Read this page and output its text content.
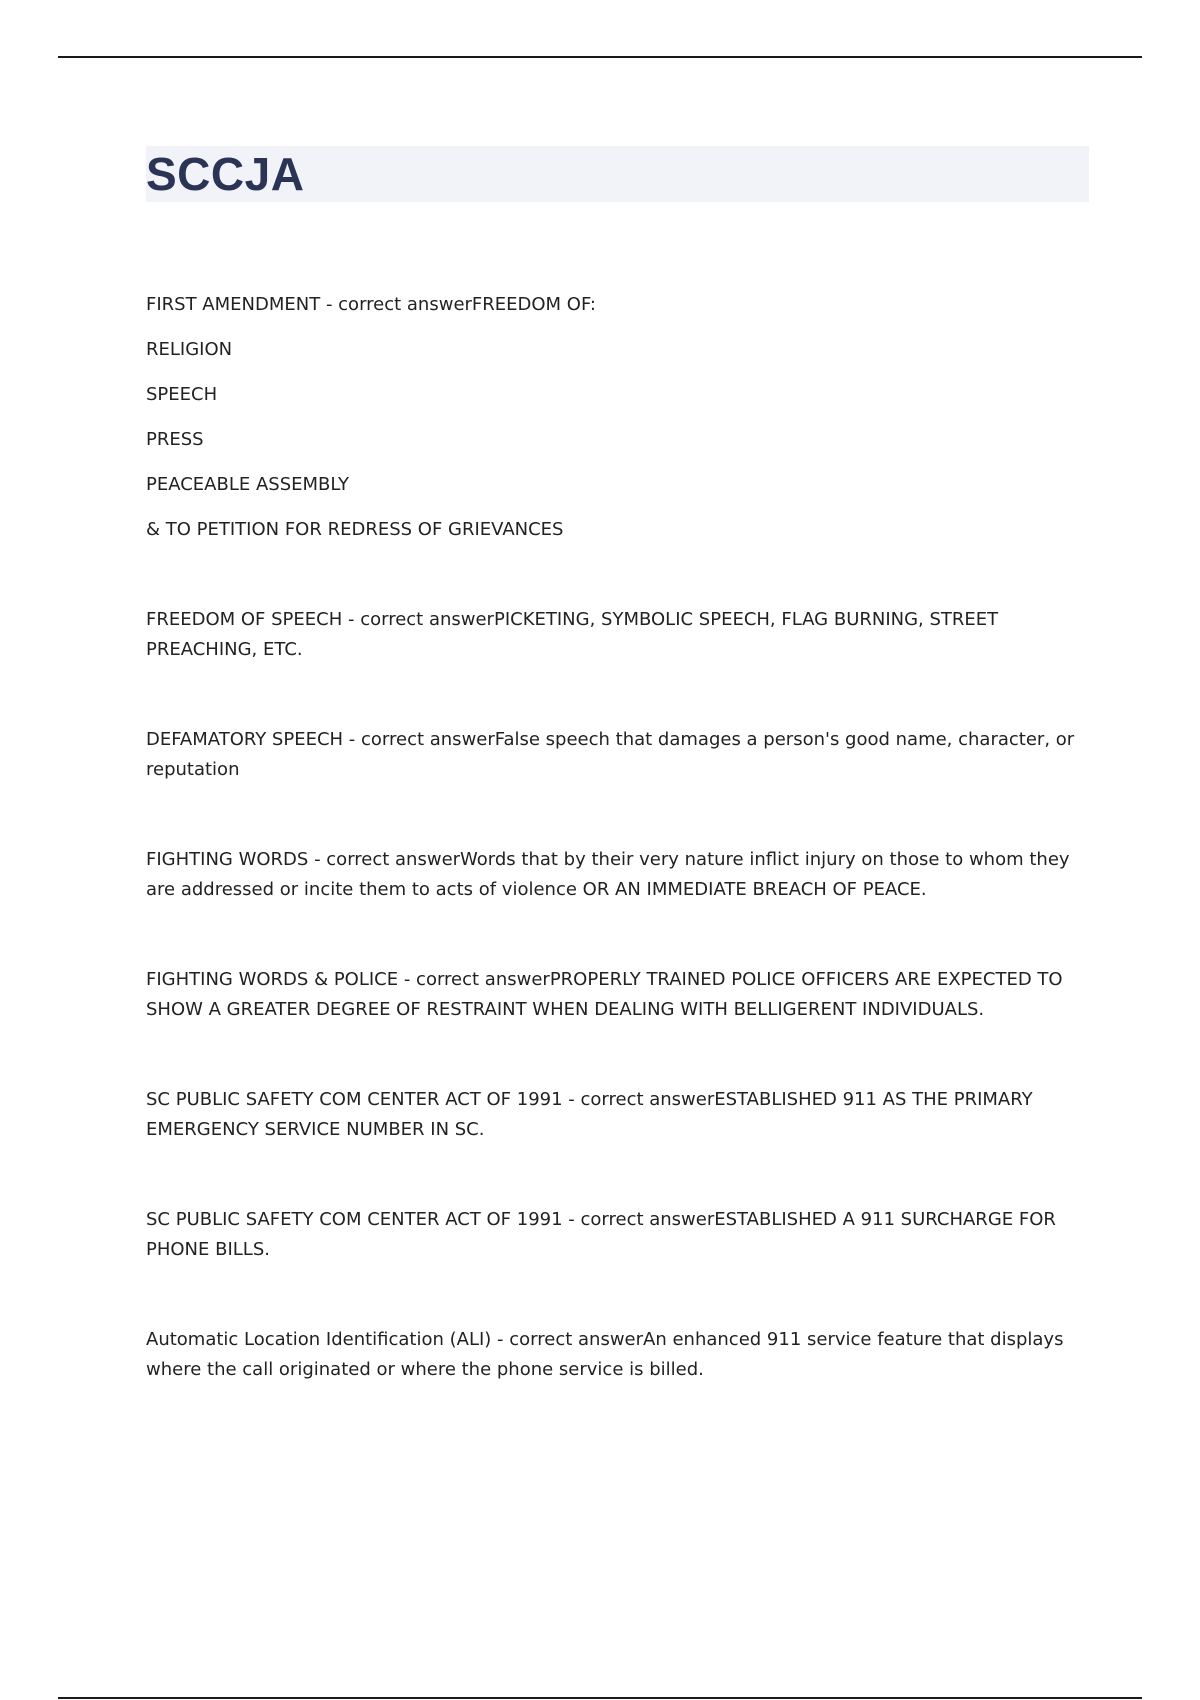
SCCJA

FIRST AMENDMENT - correct answerFREEDOM OF:

RELIGION

SPEECH

PRESS

PEACEABLE ASSEMBLY

& TO PETITION FOR REDRESS OF GRIEVANCES

FREEDOM OF SPEECH - correct answerPICKETING, SYMBOLIC SPEECH, FLAG BURNING, STREET PREACHING, ETC.

DEFAMATORY SPEECH - correct answerFalse speech that damages a person's good name, character, or reputation

FIGHTING WORDS - correct answerWords that by their very nature inflict injury on those to whom they are addressed or incite them to acts of violence OR AN IMMEDIATE BREACH OF PEACE.

FIGHTING WORDS & POLICE - correct answerPROPERLY TRAINED POLICE OFFICERS ARE EXPECTED TO SHOW A GREATER DEGREE OF RESTRAINT WHEN DEALING WITH BELLIGERENT INDIVIDUALS.

SC PUBLIC SAFETY COM CENTER ACT OF 1991 - correct answerESTABLISHED 911 AS THE PRIMARY EMERGENCY SERVICE NUMBER IN SC.

SC PUBLIC SAFETY COM CENTER ACT OF 1991 - correct answerESTABLISHED A 911 SURCHARGE FOR PHONE BILLS.

Automatic Location Identification (ALI) - correct answerAn enhanced 911 service feature that displays where the call originated or where the phone service is billed.
